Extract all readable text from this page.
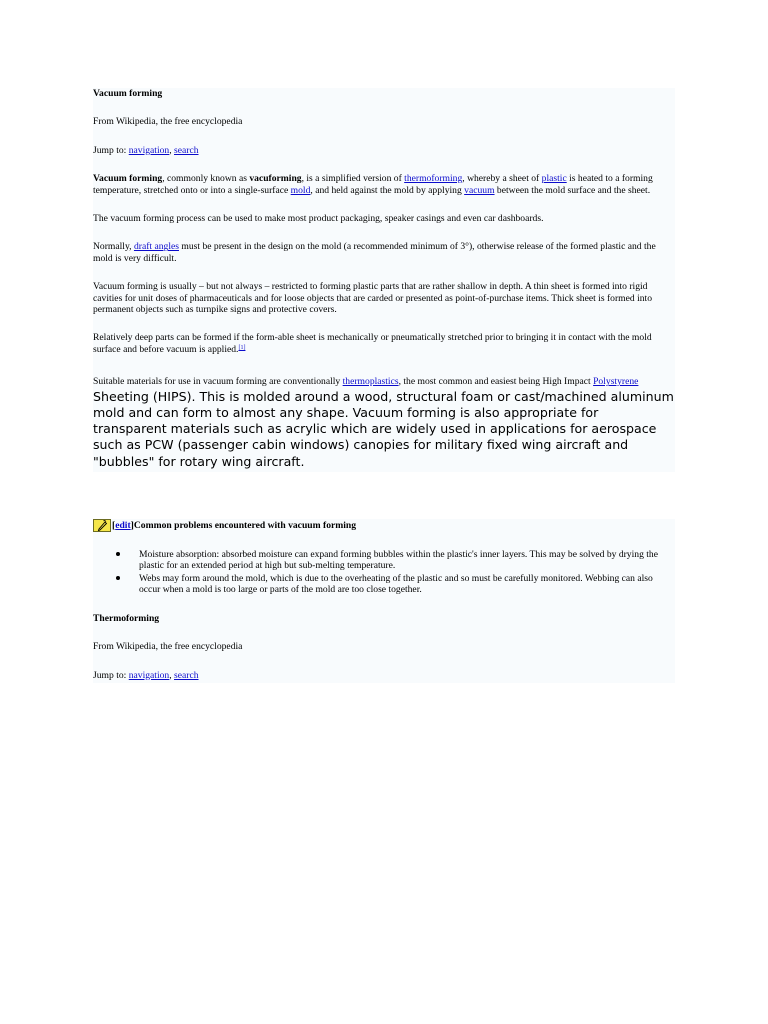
Vacuum forming

From Wikipedia, the free encyclopedia

Jump to: navigation, search

Vacuum forming, commonly known as vacuforming, is a simplified version of thermoforming, whereby a sheet of plastic is heated to a forming temperature, stretched onto or into a single-surface mold, and held against the mold by applying vacuum between the mold surface and the sheet.

The vacuum forming process can be used to make most product packaging, speaker casings and even car dashboards.

Normally, draft angles must be present in the design on the mold (a recommended minimum of 3°), otherwise release of the formed plastic and the mold is very difficult.

Vacuum forming is usually – but not always – restricted to forming plastic parts that are rather shallow in depth. A thin sheet is formed into rigid cavities for unit doses of pharmaceuticals and for loose objects that are carded or presented as point-of-purchase items. Thick sheet is formed into permanent objects such as turnpike signs and protective covers.

Relatively deep parts can be formed if the form-able sheet is mechanically or pneumatically stretched prior to bringing it in contact with the mold surface and before vacuum is applied.[1]

Suitable materials for use in vacuum forming are conventionally thermoplastics, the most common and easiest being High Impact Polystyrene Sheeting (HIPS). This is molded around a wood, structural foam or cast/machined aluminum mold and can form to almost any shape. Vacuum forming is also appropriate for transparent materials such as acrylic which are widely used in applications for aerospace such as PCW (passenger cabin windows) canopies for military fixed wing aircraft and "bubbles" for rotary wing aircraft.

[ edit ] Common problems encountered with vacuum forming

Moisture absorption: absorbed moisture can expand forming bubbles within the plastic's inner layers. This may be solved by drying the plastic for an extended period at high but sub-melting temperature.
Webs may form around the mold, which is due to the overheating of the plastic and so must be carefully monitored. Webbing can also occur when a mold is too large or parts of the mold are too close together.

Thermoforming

From Wikipedia, the free encyclopedia

Jump to: navigation, search
